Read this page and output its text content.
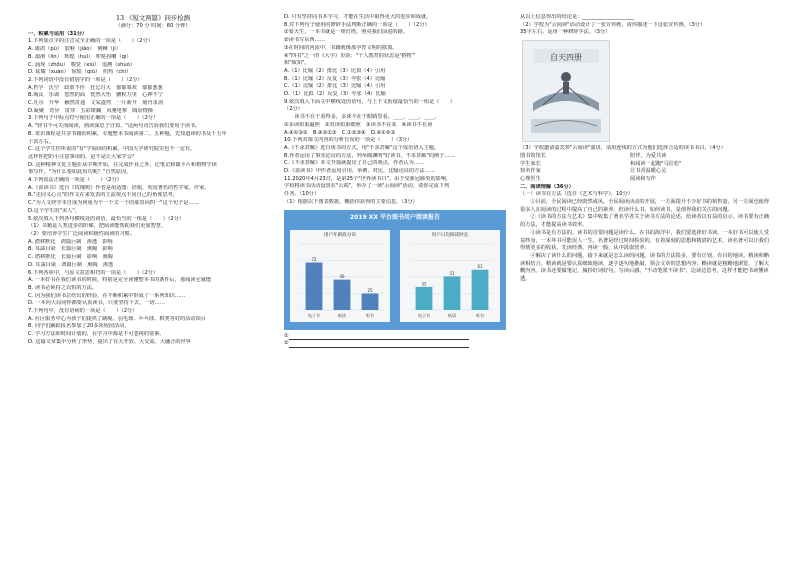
13 《短文两篇》同步检测
（满分：70 分 时间：60 分钟）
一、积累与运用（31分）
1.下列加点字的注音完全正确的一项是（　　）（2分）
A. 蒲鸽（pú）　胶鞋（jiāo）　荆棘（jí）
B. 凛冽（lǐn）　辉煌（huī）　咔哒拐嘞（qi）
C. 涌现（zhōu）　嗅觉（xiù）　追溯（shuò）
D. 炫耀（xuàn）　惊慌（qiū）　炽热（chí）
2.下列词语中没有错别字的一项是（　　）（2分）
A.哲学　沃空　政策不佳　狂忘自大　郁郁寡欢　郁郁葱葱
B.淘汰　乐调　悠然的面　恍然大悟　鹏程万里　心神不宁
C.凡尔　升华　触然贯通　文采盎然　一片新开　刻舟求剑
D.凝聚　奇异　贯穿　五彩斑斓　风驰电掣　陶冶情操
3.下列句子中标点符号使用正确的一项是（　　）（2分）
A. "轻书不可失而阅读，熟读深思子自知。"这两句诗告诉我们要用于读书。
B. 常识课程是共享书籍的积累，专题整本书阅读第二、五种题，先知道读的书及十五年
十款左右。
C. 这个学生你所说的"有"学阅读的积累，中国大学研究院里也不一定有。
这样你把的小注意事项的，是不是让大家学会？
D. 这种精神文化主题在从学期开始，在完成作业之外，记笔记和做卡片和植物学读
事写作。"为什么要如此用功呢？"自然原因。
4.下列说法正确的一项是（　　）（2分）
A.《说读书》选自《玫瑰树》作者是胡适图：培根，英国著名的哲学家，作家。
B."走同义心点"的作文在来发表的主流观点不同自己的角度思考。
C."为人文经学本自成为何重为个一个又一个的那里回四一"这个句子是……
D.这个学生的"美人"。
5.依次填入下列各句横线处的词语，最恰当的一组是（　　）（2分）
（1）书籍是人类进步的阶梯，把阅读能帮助我们更加智慧。
（2）要培养学生广泛阅读积极性阅读的习惯。
A. 潜移默化　鸿篇巨制　渗透　影响
B. 耳濡目染　长篇巨制　熏陶　影响
C. 潜移默化　长篇巨制　影响　熏陶
D. 耳濡目染　鸿篇巨制　熏陶　渗透
6.下列各项中，与原文意思相符的一项是（　　）（2分）
A. 一本好书在我们读书的时候，特别是完全读懂整本书的条件后，那阅读它就能
B. 读书必须持之以恒的方法。
C. 因为我们读书总结出的经验，在不断积累中形成了一系列知识……
D. 一本问大局同样都要认真读书，只要坚持下去，一切……
7.下列句中，没有语病的一项是（　　）（2分）
A. 社区服务中心为孩子们提供了跳绳、羽毛球、乒乓球、棋类等好的活动项目
B. 同学们踊跃报名参加了20多项校园活动。
C. 学习方法和时间计划的，在学习中都是不可忽视的要素。
D. 这篇文章集中分析了形势，提出了在大开放、大交流、大融合的世界
D. 只有坚持向书本学习，才能在生活中取得更大的进步和成就。
8.对下列句子使用的修辞手法判断正确的一项是（　　）（2分）
①要天生，一本书就是一座灯塔，照亮我们前进的路。
②读书写东西……
③在时间的河流中，书籍就像那孕育文明的摇篮。
④"四书"之一的《大学》里说："个人教育的状态是'格物'"
和"致知"。
A.（1）比喻（2）排比（3）比拟（4）引用
B.（1）比喻（2）反复（3）夸张（4）比喻
C.（1）比喻（2）排比（3）比喻（4）引用
D.（1）比拟（2）反复（3）夸张（4）比喻
9.依次填入下面文中横线处的语句，与上下文衔接最恰当的一组是（　　）
（2分）
读书不在于看得多，多读不在于眼睛里看。____，____，____。
①多读如果遍照　②对读如果细照　③读书不在某　④读书不在读
A.④①③②　B.④②①③　C.①②③④　D.④①②③
10.下列对课文内容的分析有误的一项是（　　）（3分）
A.《不求甚解》选自谈书的方式，用"不求甚解"这个成语切入主题。
B.作者运用了事实论证的方法，列举陶渊明"好读书，不求甚解"的例子……
C.《不求甚解》本文开篇就提出了自己的观点，作者认为……
D.《说读书》中作者运用引用、举例、对比、比喻论证的方法……
11.2020年4月23日，是第25个"世界读书日"。由于受新冠肺炎的影响，
学校将读书活动设置在"云端"，举办了一场"云阅读"活动，请你完成下列
任务。（10分）
（1）根据以下图表数据，概括你获得的主要信息。（3分）
2019 XX 平台图书用户阅读报告
用户年龄段分布
72
电子书
46
纸质
25
听书
用户日均阅读时长
35
电子书
51
纸质
61
听书
①
②
从以上信息得出的结论是：____________________
（2）学校为"云阅读"活动设计了一张宣传画，请你描述一下这张宣传画。（3分）
35字左右，运用一种修辞手法。（3分）
自天四册
（3）学校邀请嘉宾参"云阅读"演讲，请用连线的方式为他们选择合适的读书书目。（4分）
图书馆馆长	陪伴，为爱共读
学生家长	和阅读一起跑"马拉松"
知名作家	让书香温暖心灵
心理医生	阅读和写作
二、阅读理解（36分）
（一）读书有方法（选自《艺术与科学》，10分）
①目前，全民阅读已经蔚然成风。全民阅读活动的开展，一方面提升不少好书的销售量，另一方面也使得很多人在阅读的过程中提高了自己的素养。但读什么书，如何读书，是值得我们关注的问题。
②《读书的方法与艺术》集中收集了著名学者关于读书方法的论述，给读者以有益的启示。读书要有正确的方法，才能提高读书效率。
③读书是有方法的。读书的首要问题是读什么。在书的海洋中，我们要选择好书读。一本好书可以使人受益终身，一本坏书可能误人一生。名著是经过时间检验的，有着深刻的思想和精湛的艺术，读名著可以让我们得到更多的收获。先读经典，再读一般，从中汲取营养。
④解决了读什么的问题，接下来就是怎么读的问题。读书的方法很多，要有计划、有目的地读。精读和略读相结合。精读就是要认真细致地读，逐字逐句地推敲，领会文章的思想内容；略读就是粗略地浏览，了解大概内容。读书还要做笔记，摘抄好词好句，写读后感。"不动笔墨不读书"，边读边思考，这样才能把书读懂读透。
